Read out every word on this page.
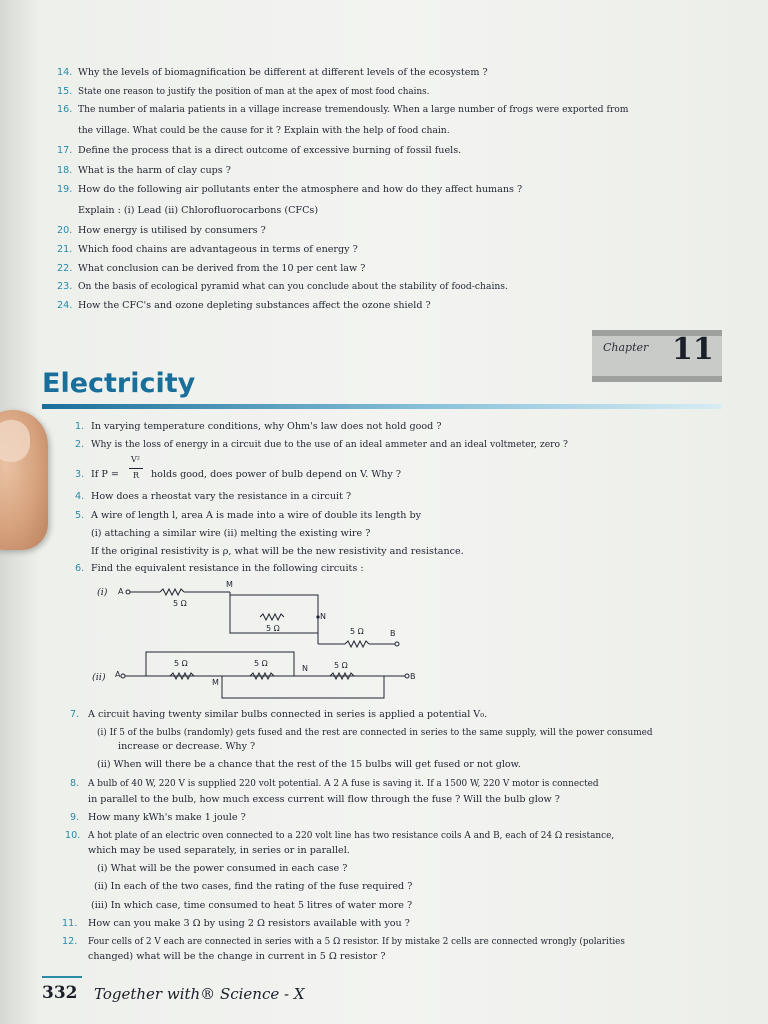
14. Why the levels of biomagnification be different at different levels of the ecosystem ?
15. State one reason to justify the position of man at the apex of most food chains.
16. The number of malaria patients in a village increase tremendously. When a large number of frogs were exported from
the village. What could be the cause for it ? Explain with the help of food chain.
17. Define the process that is a direct outcome of excessive burning of fossil fuels.
18. What is the harm of clay cups ?
19. How do the following air pollutants enter the atmosphere and how do they affect humans ?
Explain : (i) Lead (ii) Chlorofluorocarbons (CFCs)
20. How energy is utilised by consumers ?
21. Which food chains are advantageous in terms of energy ?
22. What conclusion can be derived from the 10 per cent law ?
23. On the basis of ecological pyramid what can you conclude about the stability of food-chains.
24. How the CFC's and ozone depleting substances affect the ozone shield ?
Chapter 11
Electricity
1. In varying temperature conditions, why Ohm's law does not hold good ?
2. Why is the loss of energy in a circuit due to the use of an ideal ammeter and an ideal voltmeter, zero ?
3. If P =
V²
R holds good, does power of bulb depend on V. Why ?
4. How does a rheostat vary the resistance in a circuit ?
5. A wire of length l, area A is made into a wire of double its length by
(i) attaching a similar wire (ii) melting the existing wire ?
If the original resistivity is ρ, what will be the new resistivity and resistance.
6. Find the equivalent resistance in the following circuits :
(i) A
M
N
B
5 Ω
5 Ω	5 Ω
(ii) A
M
N
B
5 Ω	5 Ω	5 Ω
7. A circuit having twenty similar bulbs connected in series is applied a potential V₀.
(i) If 5 of the bulbs (randomly) gets fused and the rest are connected in series to the same supply, will the power consumed
increase or decrease. Why ?
(ii) When will there be a chance that the rest of the 15 bulbs will get fused or not glow.
8. A bulb of 40 W, 220 V is supplied 220 volt potential. A 2 A fuse is saving it. If a 1500 W, 220 V motor is connected
in parallel to the bulb, how much excess current will flow through the fuse ? Will the bulb glow ?
9. How many kWh's make 1 joule ?
10. A hot plate of an electric oven connected to a 220 volt line has two resistance coils A and B, each of 24 Ω resistance,
which may be used separately, in series or in parallel.
(i) What will be the power consumed in each case ?
(ii) In each of the two cases, find the rating of the fuse required ?
(iii) In which case, time consumed to heat 5 litres of water more ?
11. How can you make 3 Ω by using 2 Ω resistors available with you ?
12. Four cells of 2 V each are connected in series with a 5 Ω resistor. If by mistake 2 cells are connected wrongly (polarities
changed) what will be the change in current in 5 Ω resistor ?
332 Together with® Science - X
